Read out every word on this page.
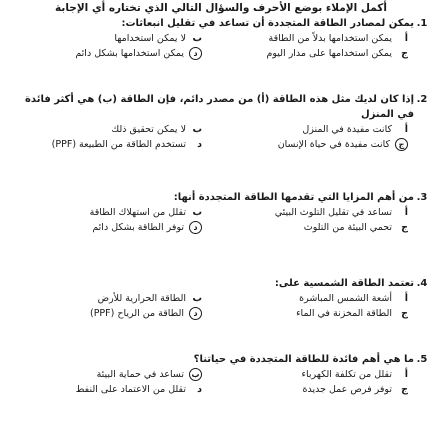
أكمل الإملاء بوضع الأحرف والسؤال التالي الذي تختاره أي الإجابة
1.
يمكن لمصادر الطاقة المتجددة أن تساعد في تقليل انبعاثات:
أ
يمكن استخدامها بدلاً من الطاقة
ب
لا يمكن استخدامها
ج
يمكن استخدامها على مدار اليوم
د
يمكن استخدامها بشكل دائم
2.
إذا كان لديك مثل هذه الطاقة (أ) من مصدر دائم، فإن الطاقة (ب) هي أكثر فائدة في المنزل
أ
كانت مفيدة في المنزل
ب
لا يمكن تحقيق ذلك
ج
كانت مفيدة في حياة الإنسان
د
تستخدم الطاقة من الطبيعة (PPF)
3.
من أهم المزايا التي تقدمها الطاقة المتجددة أنها:
أ
تساعد في تقليل التلوث البيئي
ب
تقلل من استهلاك الطاقة
ج
تحمي البيئة من التلوث
د
توفر الطاقة بشكل دائم
4.
تعتمد الطاقة الشمسية على:
أ
أشعة الشمس المباشرة
ب
الطاقة الحرارية للأرض
ج
الطاقة المخزنة في الماء
د
الطاقة من الرياح (PPF)
5.
ما هي أهم فائدة للطاقة المتجددة في حياتنا؟
أ
تقلل من تكلفة الكهرباء
ب
تساعد في حماية البيئة
ج
توفر فرص عمل جديدة
د
تقلل من الاعتماد على النفط
